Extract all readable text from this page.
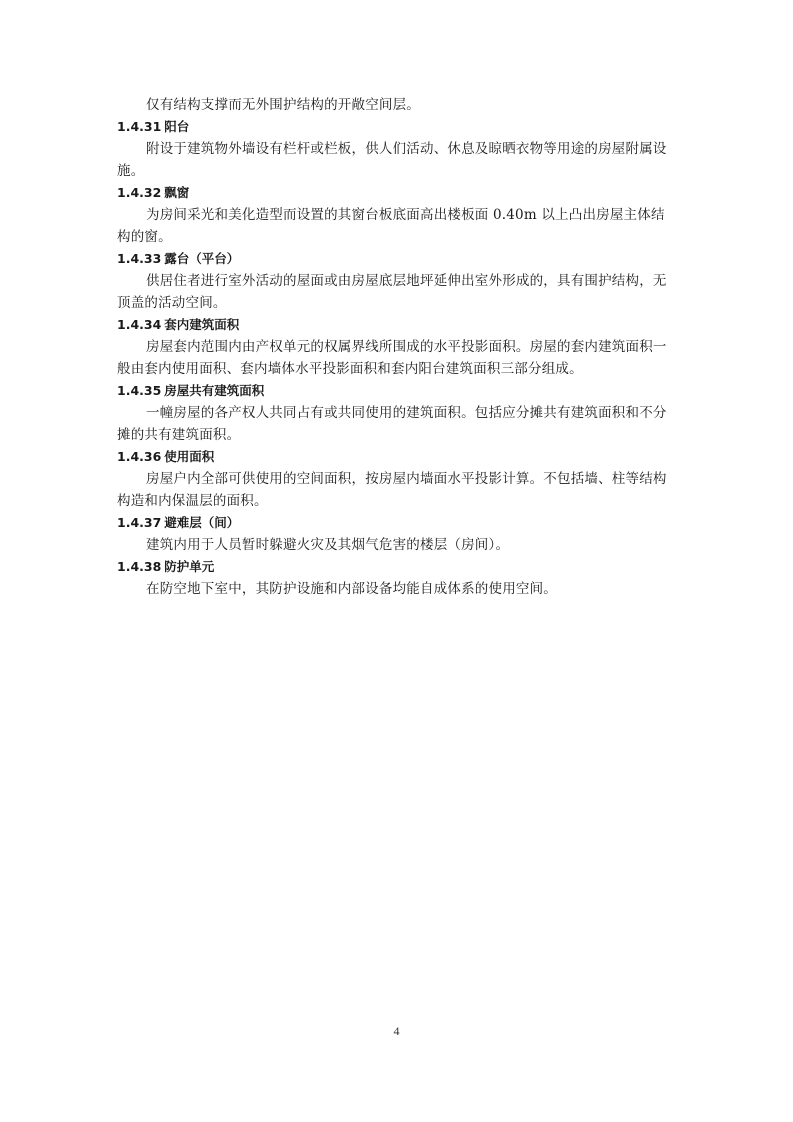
仅有结构支撑而无外围护结构的开敞空间层。

1.4.31 阳台

附设于建筑物外墙设有栏杆或栏板，供人们活动、休息及晾晒衣物等用途的房屋附属设

施。

1.4.32 飘窗

为房间采光和美化造型而设置的其窗台板底面高出楼板面 0.40m 以上凸出房屋主体结

构的窗。

1.4.33 露台（平台）

供居住者进行室外活动的屋面或由房屋底层地坪延伸出室外形成的，具有围护结构，无

顶盖的活动空间。

1.4.34 套内建筑面积

房屋套内范围内由产权单元的权属界线所围成的水平投影面积。房屋的套内建筑面积一

般由套内使用面积、套内墙体水平投影面积和套内阳台建筑面积三部分组成。

1.4.35 房屋共有建筑面积

一幢房屋的各产权人共同占有或共同使用的建筑面积。包括应分摊共有建筑面积和不分

摊的共有建筑面积。

1.4.36 使用面积

房屋户内全部可供使用的空间面积，按房屋内墙面水平投影计算。不包括墙、柱等结构

构造和内保温层的面积。

1.4.37 避难层（间）

建筑内用于人员暂时躲避火灾及其烟气危害的楼层（房间）。

1.4.38 防护单元

在防空地下室中，其防护设施和内部设备均能自成体系的使用空间。

4
